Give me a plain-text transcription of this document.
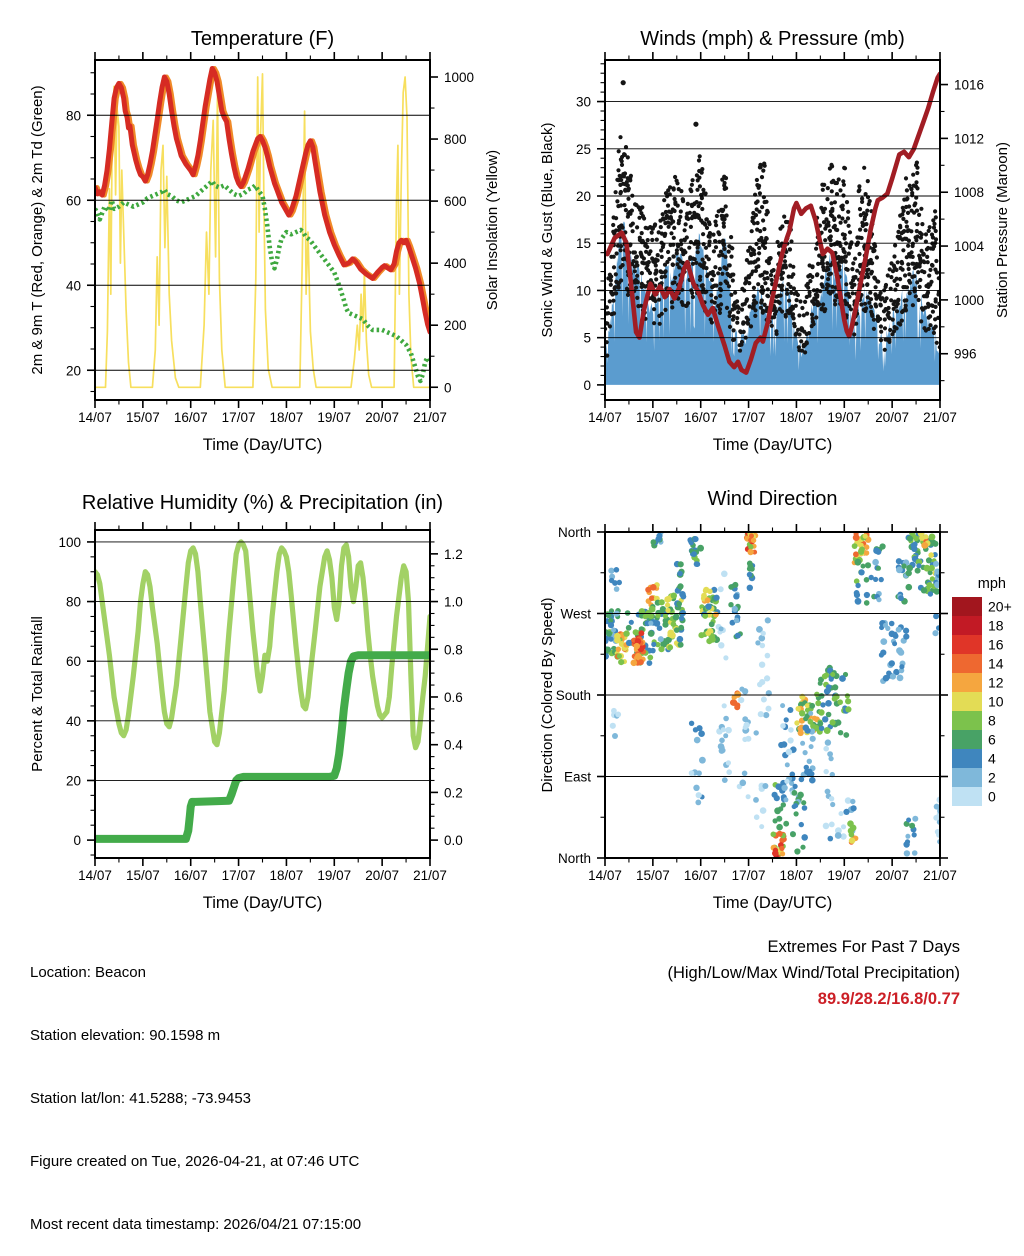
14/07 15/07 16/07 17/07 18/07 19/07 20/07 21/07
20
40
60
80
0
200
400
600
800
1000
Temperature (F)
Time (Day/UTC)
2m & 9m T (Red, Orange) & 2m Td (Green)	Solar Insolation (Yellow)
14/07 15/07 16/07 17/07 18/07 19/07 20/07 21/07
0
5
10
15
20
25
30
996
1000
1004
1008
1012
1016
Winds (mph) & Pressure (mb)
Time (Day/UTC)
Sonic Wind & Gust (Blue, Black)	Station Pressure (Maroon)
14/07 15/07 16/07 17/07 18/07 19/07 20/07 21/07
0
20
40
60
80
100
0.0
0.2
0.4
0.6
0.8
1.0
1.2
Relative Humidity (%) & Precipitation (in)
Time (Day/UTC)
Percent & Total Rainfall
14/07 15/07 16/07 17/07 18/07 19/07 20/07 21/07
North
East
South
West
North
Wind Direction
Time (Day/UTC)
Direction (Colored By Speed)
mph
20+
18
16
14
12
10
8
6
4
2
0

Location: Beacon

Station elevation: 90.1598 m

Station lat/lon: 41.5288; -73.9453

Figure created on Tue, 2026-04-21, at 07:46 UTC

Most recent data timestamp: 2026/04/21 07:15:00

Extremes For Past 7 Days
(High/Low/Max Wind/Total Precipitation)
89.9/28.2/16.8/0.77
